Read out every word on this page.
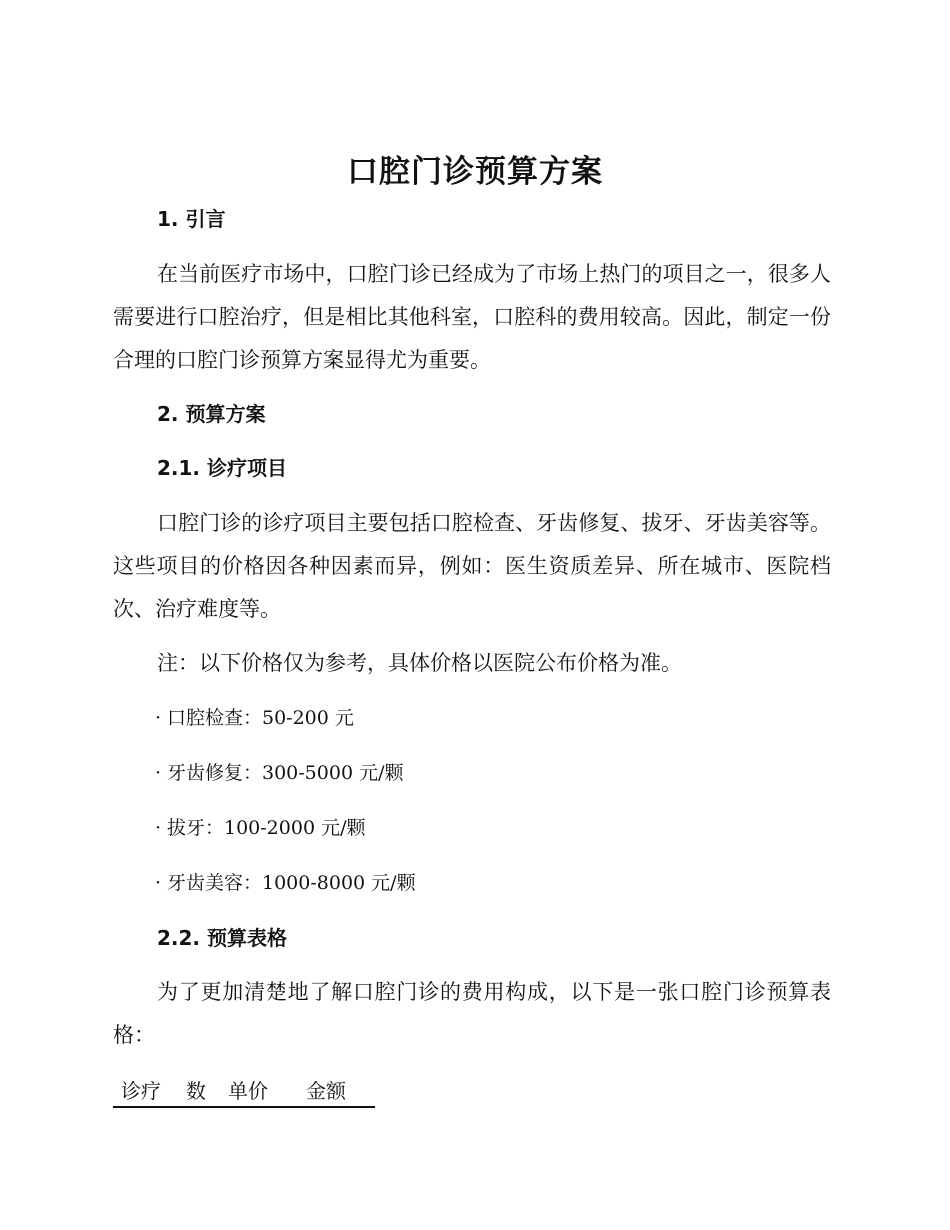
口腔门诊预算方案
1. 引言

在当前医疗市场中，口腔门诊已经成为了市场上热门的项目之一，很多人需要进行口腔治疗，但是相比其他科室，口腔科的费用较高。因此，制定一份合理的口腔门诊预算方案显得尤为重要。

2. 预算方案
2.1. 诊疗项目

口腔门诊的诊疗项目主要包括口腔检查、牙齿修复、拔牙、牙齿美容等。这些项目的价格因各种因素而异，例如：医生资质差异、所在城市、医院档次、治疗难度等。

注：以下价格仅为参考，具体价格以医院公布价格为准。
· 口腔检查：50-200 元
· 牙齿修复：300-5000 元/颗
· 拔牙：100-2000 元/颗
· 牙齿美容：1000-8000 元/颗
2.2. 预算表格

为了更加清楚地了解口腔门诊的费用构成，以下是一张口腔门诊预算表格：

诊疗 数 单价 金额
